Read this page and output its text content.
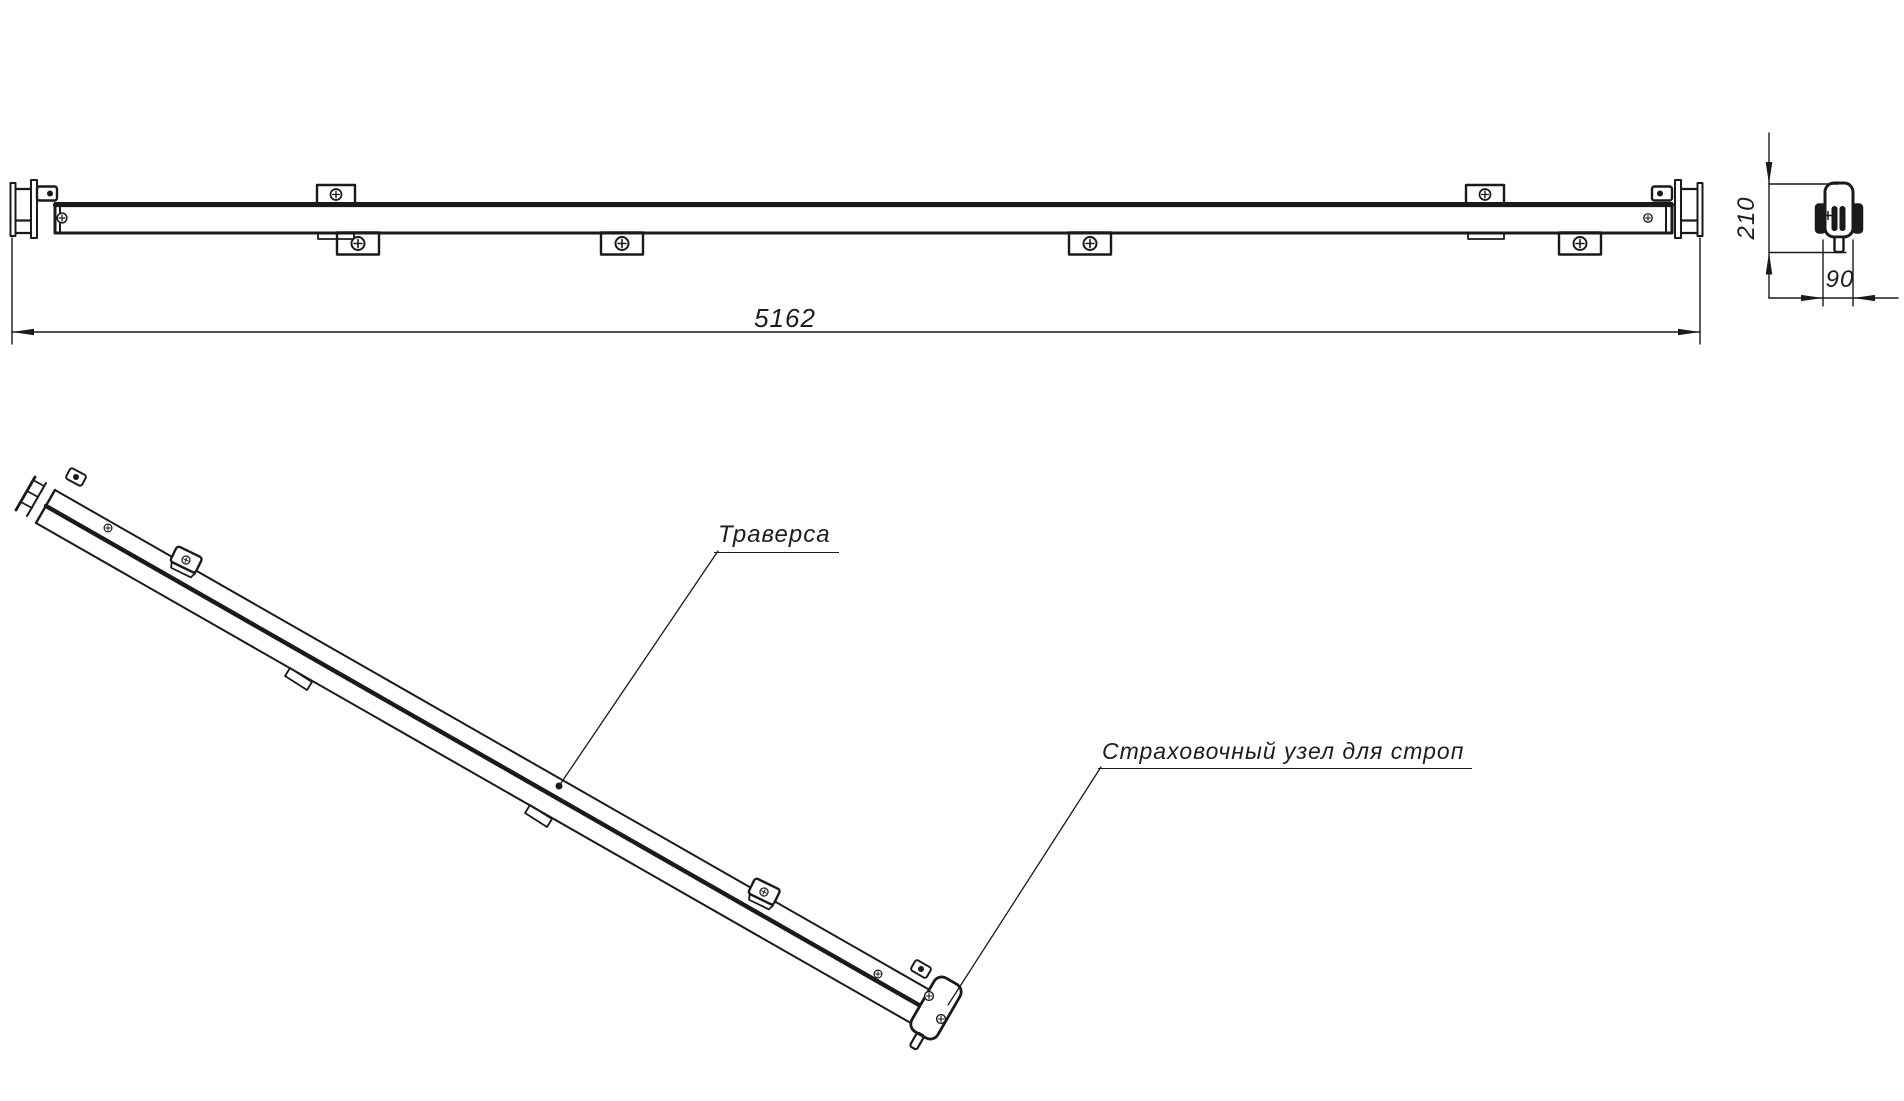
5162
210
90
Траверса
Страховочный узел для строп
